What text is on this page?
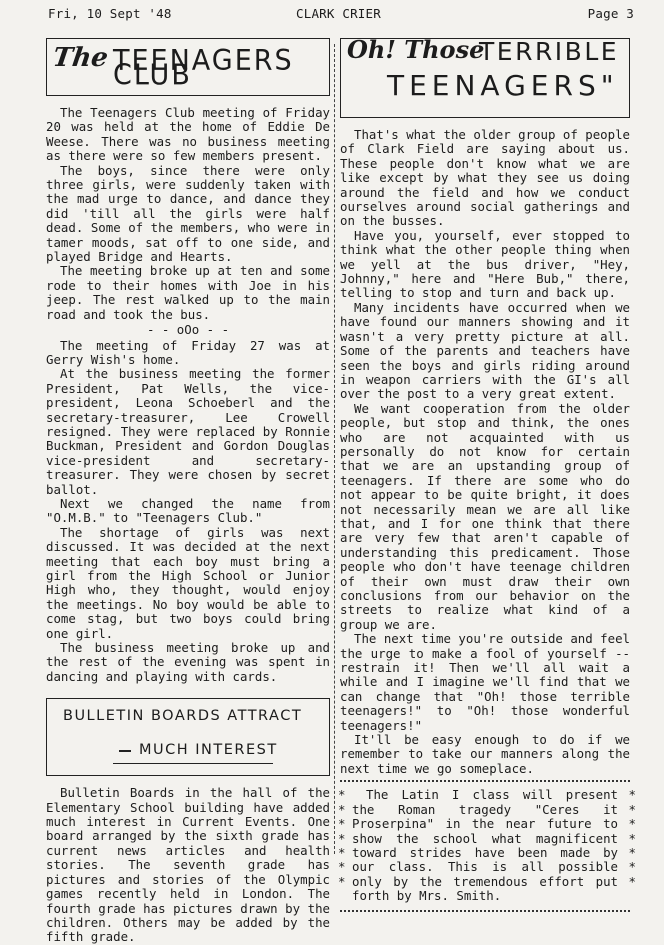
Fri, 10 Sept '48	CLARK CRIER	Page 3
The TEENAGERS CLUB

The Teenagers Club meeting of Friday 20 was held at the home of Eddie De Weese. There was no business meeting as there were so few members present.

The boys, since there were only three girls, were suddenly taken with the mad urge to dance, and dance they did 'till all the girls were half dead. Some of the members, who were in tamer moods, sat off to one side, and played Bridge and Hearts.

The meeting broke up at ten and some rode to their homes with Joe in his jeep. The rest walked up to the main road and took the bus.

- - oOo - -

The meeting of Friday 27 was at Gerry Wish's home.

At the business meeting the former President, Pat Wells, the vice-president, Leona Schoeberl and the secretary-treasurer, Lee Crowell resigned. They were replaced by Ronnie Buckman, President and Gordon Douglas vice-president and secretary-treasurer. They were chosen by secret ballot.

Next we changed the name from "O.M.B." to "Teenagers Club."

The shortage of girls was next discussed. It was decided at the next meeting that each boy must bring a girl from the High School or Junior High who, they thought, would enjoy the meetings. No boy would be able to come stag, but two boys could bring one girl.

The business meeting broke up and the rest of the evening was spent in dancing and playing with cards.

BULLETIN BOARDS ATTRACT
MUCH INTEREST

Bulletin Boards in the hall of the Elementary School building have added much interest in Current Events. One board arranged by the sixth grade has current news articles and health stories. The seventh grade has pictures and stories of the Olympic games recently held in London. The fourth grade has pictures drawn by the children. Others may be added by the fifth grade.

Oh! Those
TERRIBLE
TEENAGERS"

That's what the older group of people of Clark Field are saying about us. These people don't know what we are like except by what they see us doing around the field and how we conduct ourselves around social gatherings and on the busses.

Have you, yourself, ever stopped to think what the other people thing when we yell at the bus driver, "Hey, Johnny," here and "Here Bub," there, telling to stop and turn and back up.

Many incidents have occurred when we have found our manners showing and it wasn't a very pretty picture at all. Some of the parents and teachers have seen the boys and girls riding around in weapon carriers with the GI's all over the post to a very great extent.

We want cooperation from the older people, but stop and think, the ones who are not acquainted with us personally do not know for certain that we are an upstanding group of teenagers. If there are some who do not appear to be quite bright, it does not necessarily mean we are all like that, and I for one think that there are very few that aren't capable of understanding this predicament. Those people who don't have teenage children of their own must draw their own conclusions from our behavior on the streets to realize what kind of a group we are.

The next time you're outside and feel the urge to make a fool of yourself -- restrain it! Then we'll all wait a while and I imagine we'll find that we can change that "Oh! those terrible teenagers!" to "Oh! those wonderful teenagers!"

It'll be easy enough to do if we remember to take our manners along the next time we go someplace.

*
*
*
*
*
*
*
*
*
*
*
*
*
*

The Latin I class will present the Roman tragedy "Ceres it Proserpina" in the near future to show the school what magnificent toward strides have been made by our class. This is all possible only by the tremendous effort put forth by Mrs. Smith.
